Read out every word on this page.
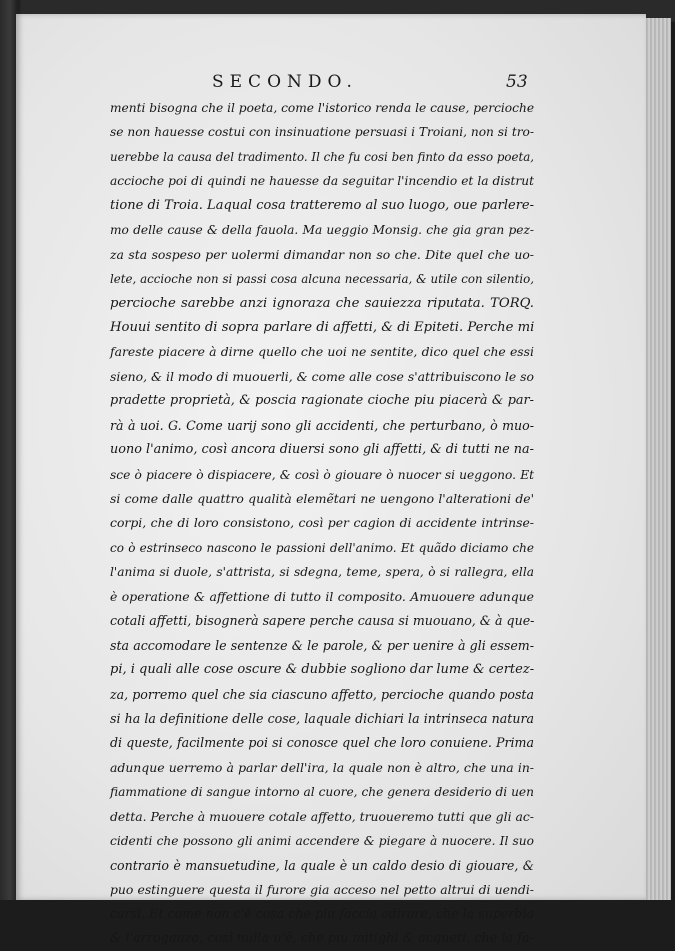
SECONDO.	53
menti bisogna che il poeta, come l'istorico renda le cause, percioche
se non hauesse costui con insinuatione persuasi i Troiani, non si tro-
uerebbe la causa del tradimento. Il che fu cosi ben finto da esso poeta,
accioche poi di quindi ne hauesse da seguitar l'incendio et la distrut
tione di Troia. Laqual cosa tratteremo al suo luogo, oue parlere-
mo delle cause & della fauola. Ma ueggio Monsig. che gia gran pez-
za sta sospeso per uolermi dimandar non so che. Dite quel che uo-
lete, accioche non si passi cosa alcuna necessaria, & utile con silentio,
percioche sarebbe anzi ignoraza che sauiezza riputata. TORQ.
Houui sentito di sopra parlare di affetti, & di Epiteti. Perche mi
fareste piacere à dirne quello che uoi ne sentite, dico quel che essi
sieno, & il modo di muouerli, & come alle cose s'attribuiscono le so
pradette proprietà, & poscia ragionate cioche piu piacerà & par-
rà à uoi. G. Come uarij sono gli accidenti, che perturbano, ò muo-
uono l'animo, così ancora diuersi sono gli affetti, & di tutti ne na-
sce ò piacere ò dispiacere, & così ò giouare ò nuocer si ueggono. Et
si come dalle quattro qualità elemẽtari ne uengono l'alterationi de'
corpi, che di loro consistono, così per cagion di accidente intrinse-
co ò estrinseco nascono le passioni dell'animo. Et quãdo diciamo che
l'anima si duole, s'attrista, si sdegna, teme, spera, ò si rallegra, ella
è operatione & affettione di tutto il composito. Amuouere adunque
cotali affetti, bisognerà sapere perche causa si muouano, & à que-
sta accomodare le sentenze & le parole, & per uenire à gli essem-
pi, i quali alle cose oscure & dubbie sogliono dar lume & certez-
za, porremo quel che sia ciascuno affetto, percioche quando posta
si ha la definitione delle cose, laquale dichiari la intrinseca natura
di queste, facilmente poi si conosce quel che loro conuiene. Prima
adunque uerremo à parlar dell'ira, la quale non è altro, che una in-
fiammatione di sangue intorno al cuore, che genera desiderio di uen
detta. Perche à muouere cotale affetto, truoueremo tutti que gli ac-
cidenti che possono gli animi accendere & piegare à nuocere. Il suo
contrario è mansuetudine, la quale è un caldo desio di giouare, &
puo estinguere questa il furore gia acceso nel petto altrui di uendi-
carsi. Et come non c'è cosa che piu faccia adirare, che la superbia
& l'arroganza, così nulla u'è, che piu mitighi & acqueti, che la fa-
